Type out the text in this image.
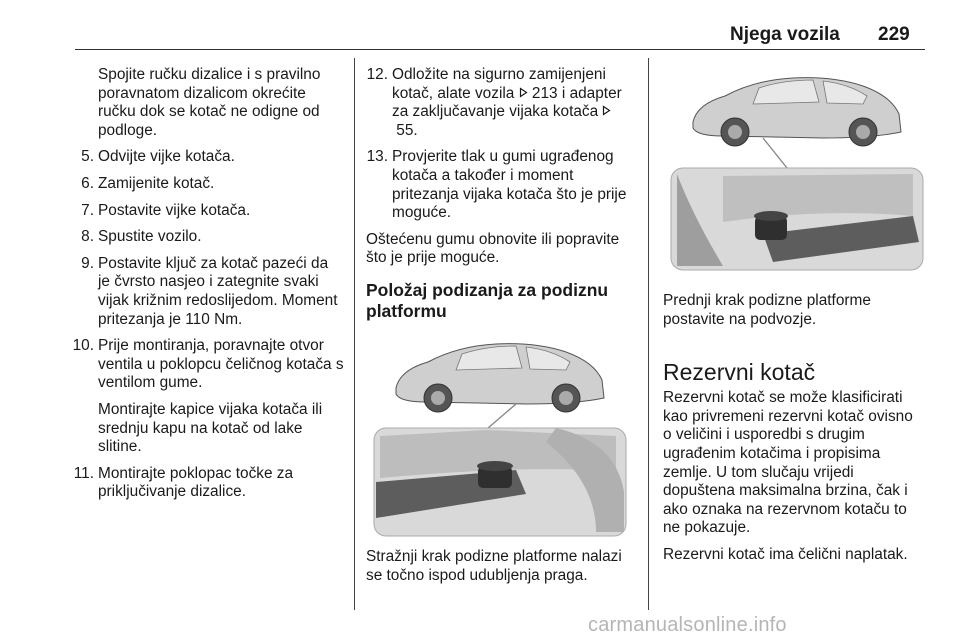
Njega vozila 229
Spojite ručku dizalice i s pravilno poravnatom dizalicom okrećite ručku dok se kotač ne odigne od podloge.
5. Odvijte vijke kotača.
6. Zamijenite kotač.
7. Postavite vijke kotača.
8. Spustite vozilo.
9. Postavite ključ za kotač pazeći da je čvrsto nasjeo i zategnite svaki vijak križnim redoslijedom. Moment pritezanja je 110 Nm.
10. Prije montiranja, poravnajte otvor ventila u poklopcu čeličnog kotača s ventilom gume.
Montirajte kapice vijaka kotača ili srednju kapu na kotač od lake slitine.
11. Montirajte poklopac točke za priključivanje dizalice.
12. Odložite na sigurno zamijenjeni kotač, alate vozila  213 i adapter za zaključavanje vijaka kotača  55.
13. Provjerite tlak u gumi ugrađenog kotača a također i moment pritezanja vijaka kotača što je prije moguće.

Oštećenu gumu obnovite ili popravite što je prije moguće.

Položaj podizanja za podiznu platformu

Stražnji krak podizne platforme nalazi se točno ispod udubljenja praga.

Prednji krak podizne platforme postavite na podvozje.

Rezervni kotač

Rezervni kotač se može klasificirati kao privremeni rezervni kotač ovisno o veličini i usporedbi s drugim ugrađenim kotačima i propisima zemlje. U tom slučaju vrijedi dopuštena maksimalna brzina, čak i ako oznaka na rezervnom kotaču to ne pokazuje.

Rezervni kotač ima čelični naplatak.

carmanualsonline.info
